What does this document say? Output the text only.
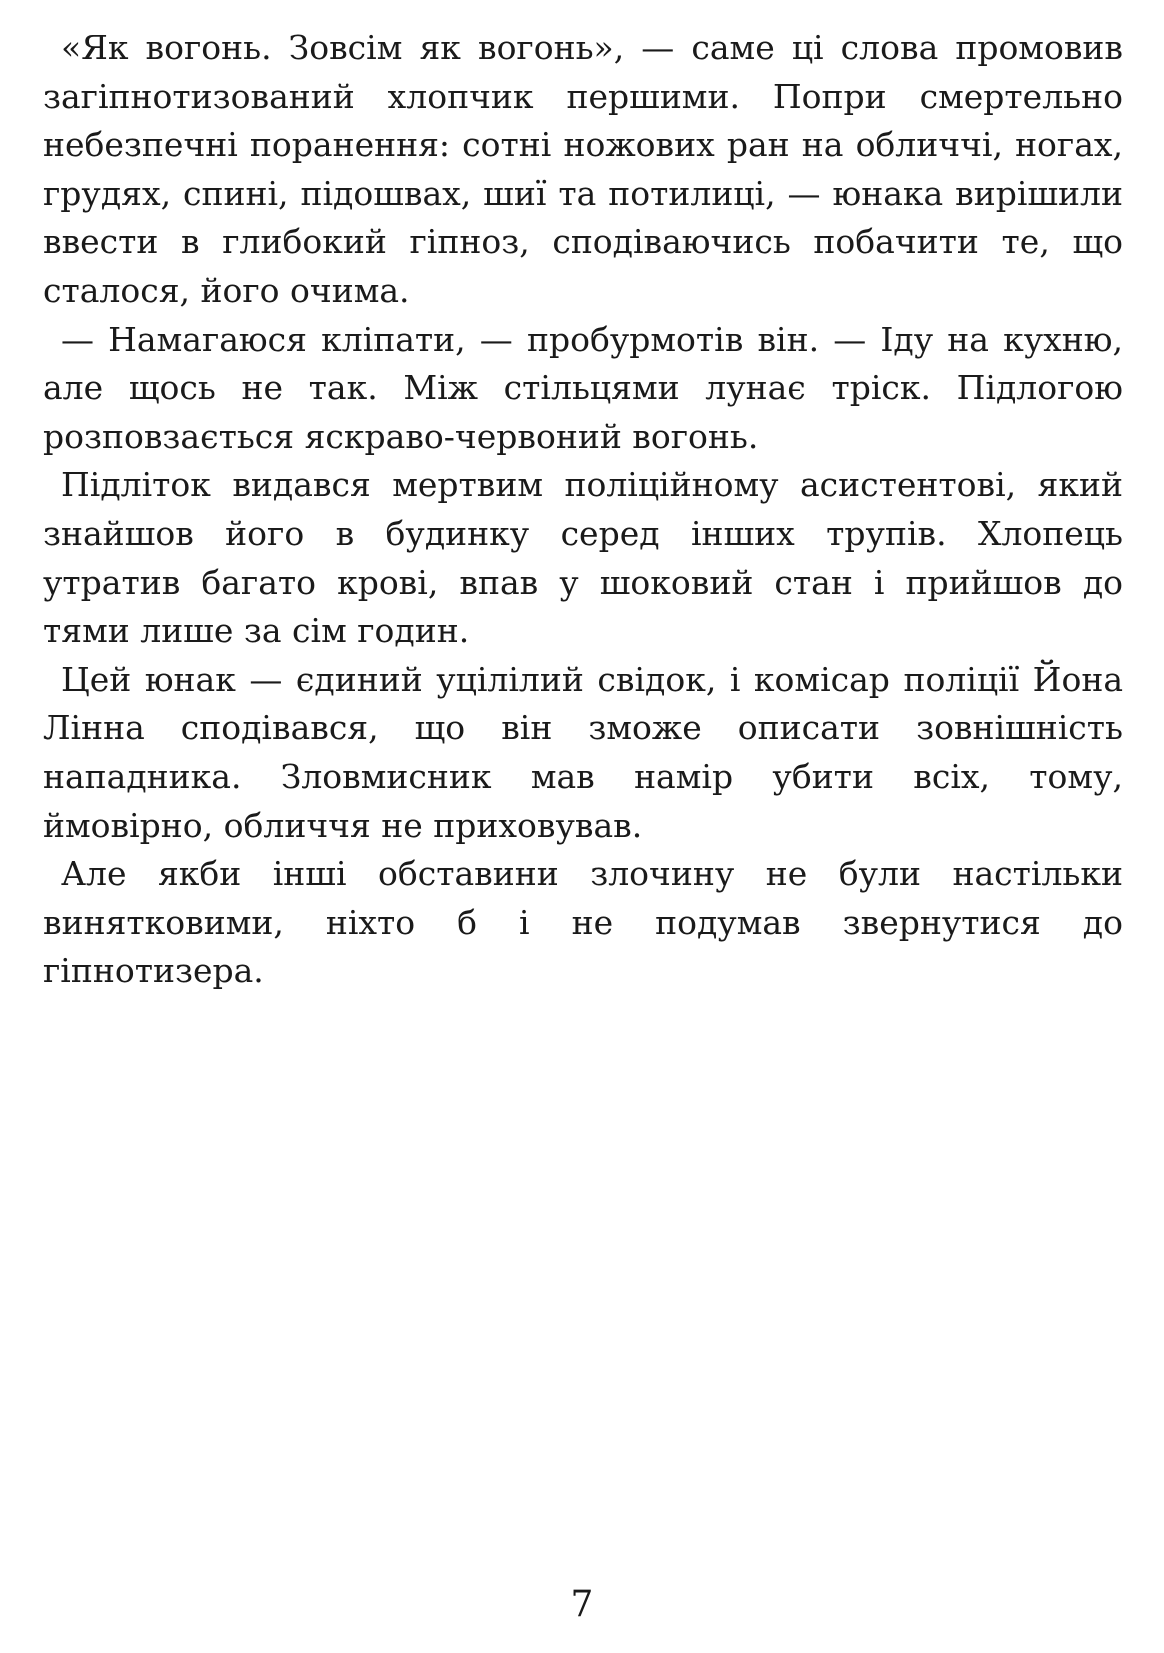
«Як вогонь. Зовсім як вогонь», — саме ці слова промовив загіпнотизований хлопчик першими. Попри смертельно небезпечні поранення: сотні ножових ран на обличчі, ногах, грудях, спині, підошвах, шиї та потилиці, — юнака вирішили ввести в глибокий гіпноз, сподіваючись побачити те, що сталося, його очима.

— Намагаюся кліпати, — пробурмотів він. — Іду на кухню, але щось не так. Між стільцями лунає тріск. Підлогою розповзається яскраво-червоний вогонь.

Підліток видався мертвим поліційному асистентові, який знайшов його в будинку серед інших трупів. Хлопець утратив багато крові, впав у шоковий стан і прийшов до тями лише за сім годин.

Цей юнак — єдиний уцілілий свідок, і комісар поліції Йона Лінна сподівався, що він зможе описати зовнішність нападника. Зловмисник мав намір убити всіх, тому, ймовірно, обличчя не приховував.

Але якби інші обставини злочину не були настільки винятковими, ніхто б і не подумав звернутися до гіпнотизера.

7
